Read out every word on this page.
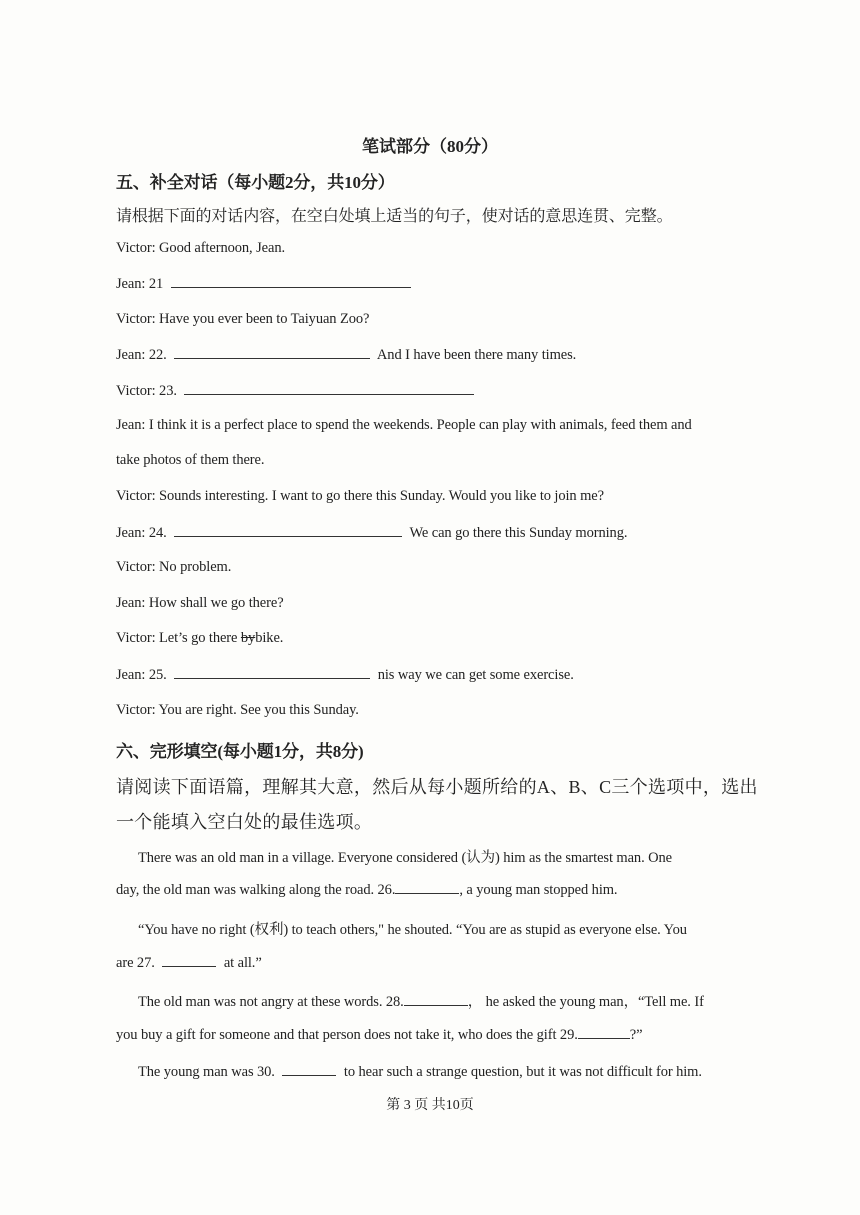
笔试部分（80分）
五、补全对话（每小题2分，共10分）
请根据下面的对话内容，在空白处填上适当的句子，使对话的意思连贯、完整。
Victor: Good afternoon, Jean.
Jean: 21
Victor: Have you ever been to Taiyuan Zoo?
Jean: 22.	And I have been there many times.
Victor: 23.
Jean: I think it is a perfect place to spend the weekends. People can play with animals, feed them and
take photos of them there.
Victor: Sounds interesting. I want to go there this Sunday. Would you like to join me?
Jean: 24.	We can go there this Sunday morning.
Victor: No problem.
Jean: How shall we go there?
Victor: Let’s go there bybike.
Jean: 25.	nis way we can get some exercise.
Victor: You are right. See you this Sunday.
六、完形填空(每小题1分，共8分)
请阅读下面语篇，理解其大意，然后从每小题所给的A、B、C三个选项中，选出
一个能填入空白处的最佳选项。
There was an old man in a village. Everyone considered (认为) him as the smartest man. One
day, the old man was walking along the road. 26.	, a young man stopped him.
“You have no right (权利) to teach others," he shouted. “You are as stupid as everyone else. You
are 27.	at all.”
The old man was not angry at these words. 28.	， he asked the young man，“Tell me. If
you buy a gift for someone and that person does not take it, who does the gift 29.	?”
The young man was 30.	to hear such a strange question, but it was not difficult for him.
第 3 页 共10页
